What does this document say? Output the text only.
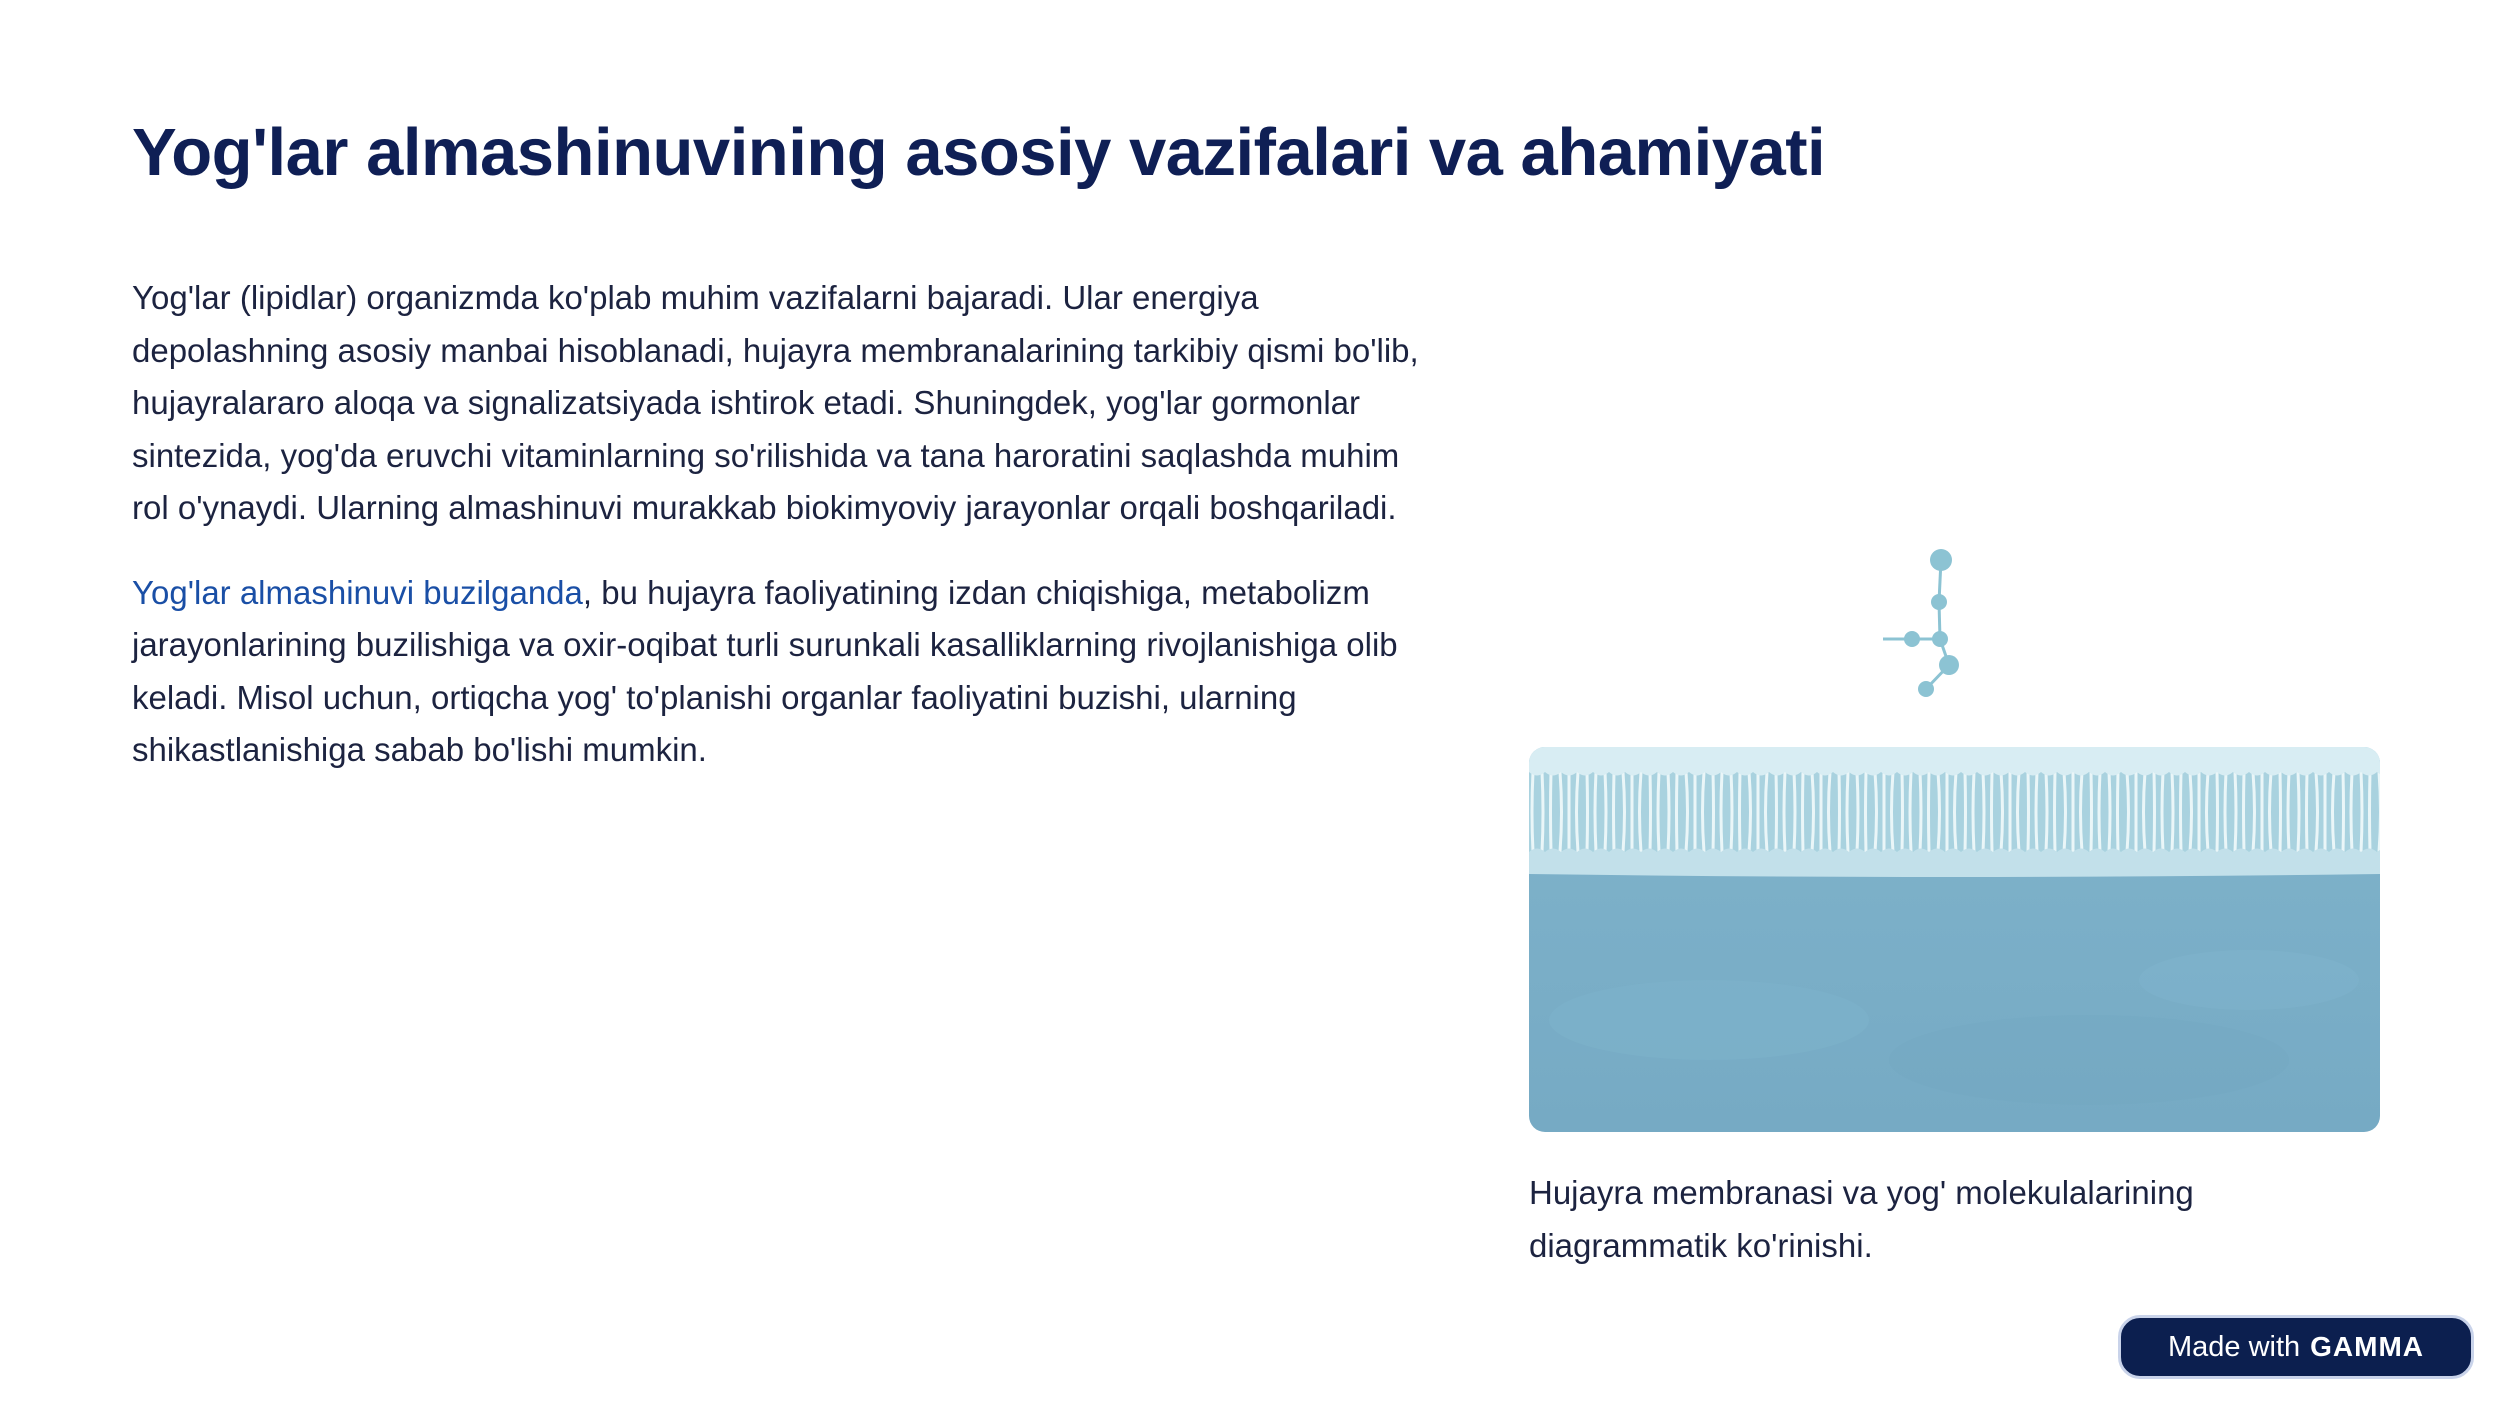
Yog'lar almashinuvining asosiy vazifalari va ahamiyati

Yog'lar (lipidlar) organizmda ko'plab muhim vazifalarni bajaradi. Ular energiya depolashning asosiy manbai hisoblanadi, hujayra membranalarining tarkibiy qismi bo'lib, hujayralararo aloqa va signalizatsiyada ishtirok etadi. Shuningdek, yog'lar gormonlar sintezida, yog'da eruvchi vitaminlarning so'rilishida va tana haroratini saqlashda muhim rol o'ynaydi. Ularning almashinuvi murakkab biokimyoviy jarayonlar orqali boshqariladi.

Yog'lar almashinuvi buzilganda, bu hujayra faoliyatining izdan chiqishiga, metabolizm jarayonlarining buzilishiga va oxir-oqibat turli surunkali kasalliklarning rivojlanishiga olib keladi. Misol uchun, ortiqcha yog' to'planishi organlar faoliyatini buzishi, ularning shikastlanishiga sabab bo'lishi mumkin.

Hujayra membranasi va yog' molekulalarining diagrammatik ko'rinishi.

Made with GAMMA
